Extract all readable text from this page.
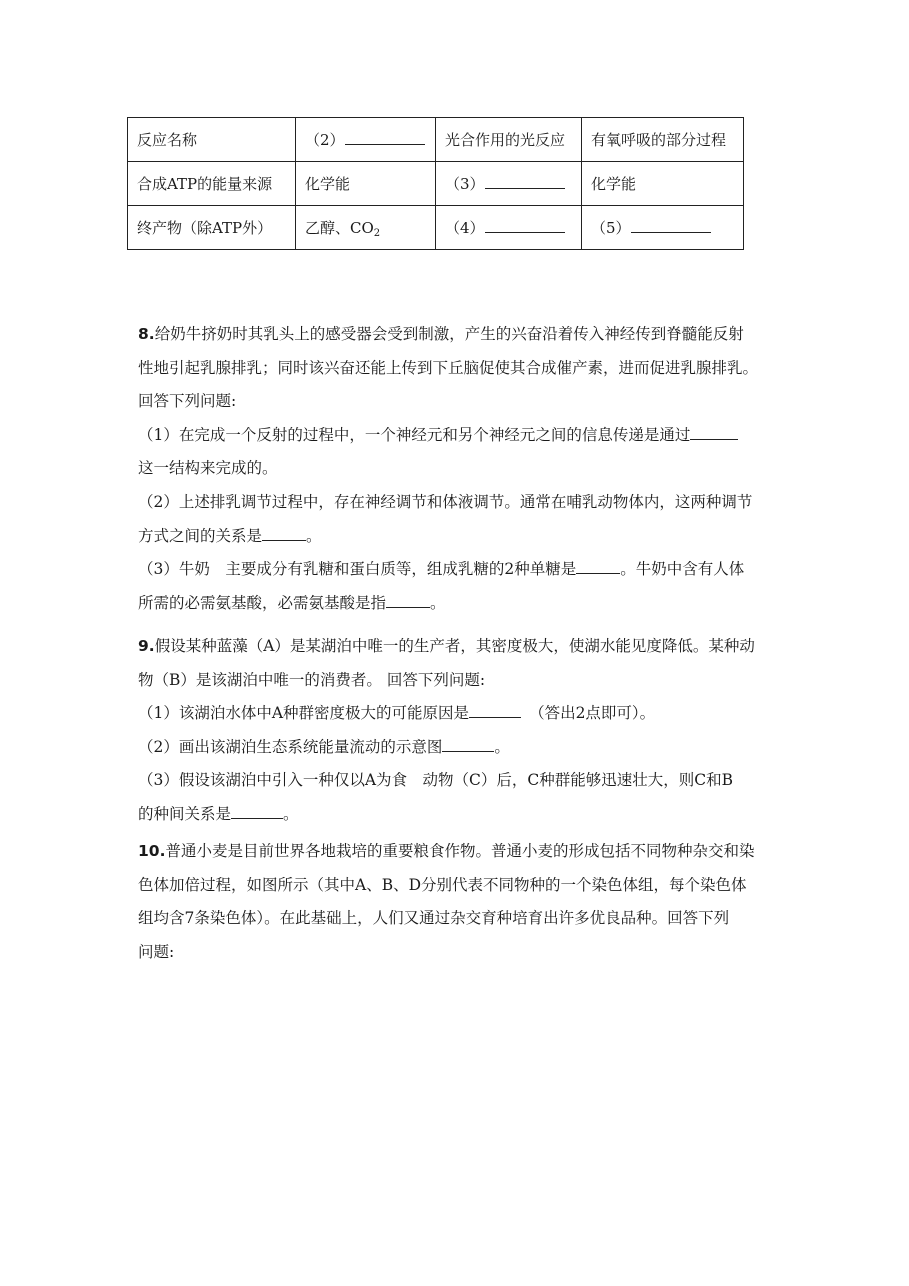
反应名称	（2）	光合作用的光反应	有氧呼吸的部分过程
合成ATP的能量来源	化学能	（3）	化学能
终产物（除ATP外）	乙醇、$CO_2$	（4）	（5）

8.给奶牛挤奶时其乳头上的感受器会受到制激，产生的兴奋沿着传入神经传到脊髓能反射

性地引起乳腺排乳；同时该兴奋还能上传到下丘脑促使其合成催产素，进而促进乳腺排乳。

回答下列问题:

（1）在完成一个反射的过程中，一个神经元和另个神经元之间的信息传递是通过

这一结构来完成的。

（2）上述排乳调节过程中，存在神经调节和体液调节。通常在哺乳动物体内，这两种调节

方式之间的关系是	。

（3）牛奶　主要成分有乳糖和蛋白质等，组成乳糖的2种单糖是	。牛奶中含有人体

所需的必需氨基酸，必需氨基酸是指	。

9.假设某种蓝藻（A）是某湖泊中唯一的生产者，其密度极大，使湖水能见度降低。某种动

物（B）是该湖泊中唯一的消费者。 回答下列问题:

（1）该湖泊水体中A种群密度极大的可能原因是	（答出2点即可）。

（2）画出该湖泊生态系统能量流动的示意图	。

（3）假设该湖泊中引入一种仅以A为食　动物（C）后，C种群能够迅速壮大，则C和B

的种间关系是	。

10.普通小麦是目前世界各地栽培的重要粮食作物。普通小麦的形成包括不同物种杂交和染

色体加倍过程，如图所示（其中A、B、D分别代表不同物种的一个染色体组，每个染色体

组均含7条染色体）。在此基础上，人们又通过杂交育种培育出许多优良品种。回答下列

问题:
